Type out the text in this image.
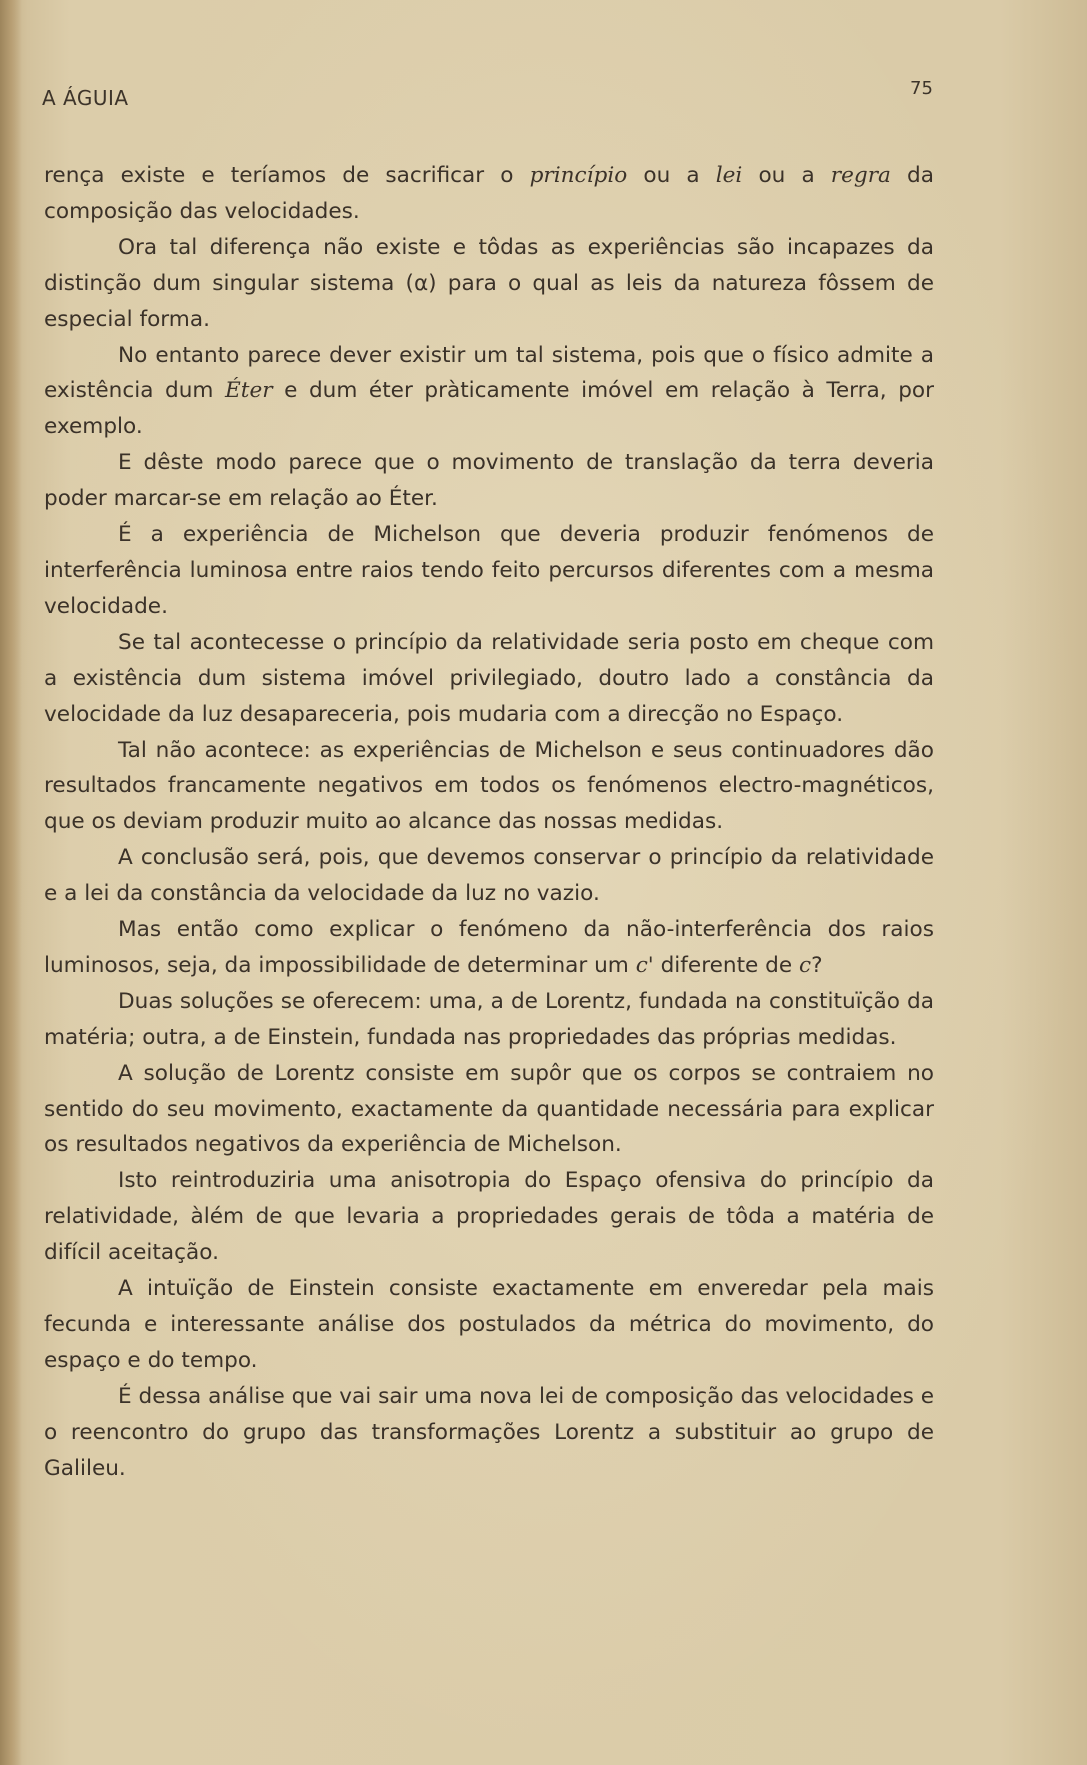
A ÁGUIA	75

rença existe e teríamos de sacrificar o princípio ou a lei ou a regra da composição das velocidades.

Ora tal diferença não existe e tôdas as experiências são incapazes da distinção dum singular sistema (α) para o qual as leis da natureza fôssem de especial forma.

No entanto parece dever existir um tal sistema, pois que o físico admite a existência dum Éter e dum éter pràticamente imóvel em relação à Terra, por exemplo.

E dêste modo parece que o movimento de translação da terra deveria poder marcar-se em relação ao Éter.

É a experiência de Michelson que deveria produzir fenómenos de interferência luminosa entre raios tendo feito percursos diferentes com a mesma velocidade.

Se tal acontecesse o princípio da relatividade seria posto em cheque com a existência dum sistema imóvel privilegiado, doutro lado a constância da velocidade da luz desapareceria, pois mudaria com a direcção no Espaço.

Tal não acontece: as experiências de Michelson e seus continuadores dão resultados francamente negativos em todos os fenómenos electro-magnéticos, que os deviam produzir muito ao alcance das nossas medidas.

A conclusão será, pois, que devemos conservar o princípio da relatividade e a lei da constância da velocidade da luz no vazio.

Mas então como explicar o fenómeno da não-interferência dos raios luminosos, seja, da impossibilidade de determinar um c' diferente de c?

Duas soluções se oferecem: uma, a de Lorentz, fundada na constituïção da matéria; outra, a de Einstein, fundada nas propriedades das próprias medidas.

A solução de Lorentz consiste em supôr que os corpos se contraiem no sentido do seu movimento, exactamente da quantidade necessária para explicar os resultados negativos da experiência de Michelson.

Isto reintroduziria uma anisotropia do Espaço ofensiva do princípio da relatividade, àlém de que levaria a propriedades gerais de tôda a matéria de difícil aceitação.

A intuïção de Einstein consiste exactamente em enveredar pela mais fecunda e interessante análise dos postulados da métrica do movimento, do espaço e do tempo.

É dessa análise que vai sair uma nova lei de composição das velocidades e o reencontro do grupo das transformações Lorentz a substituir ao grupo de Galileu.
